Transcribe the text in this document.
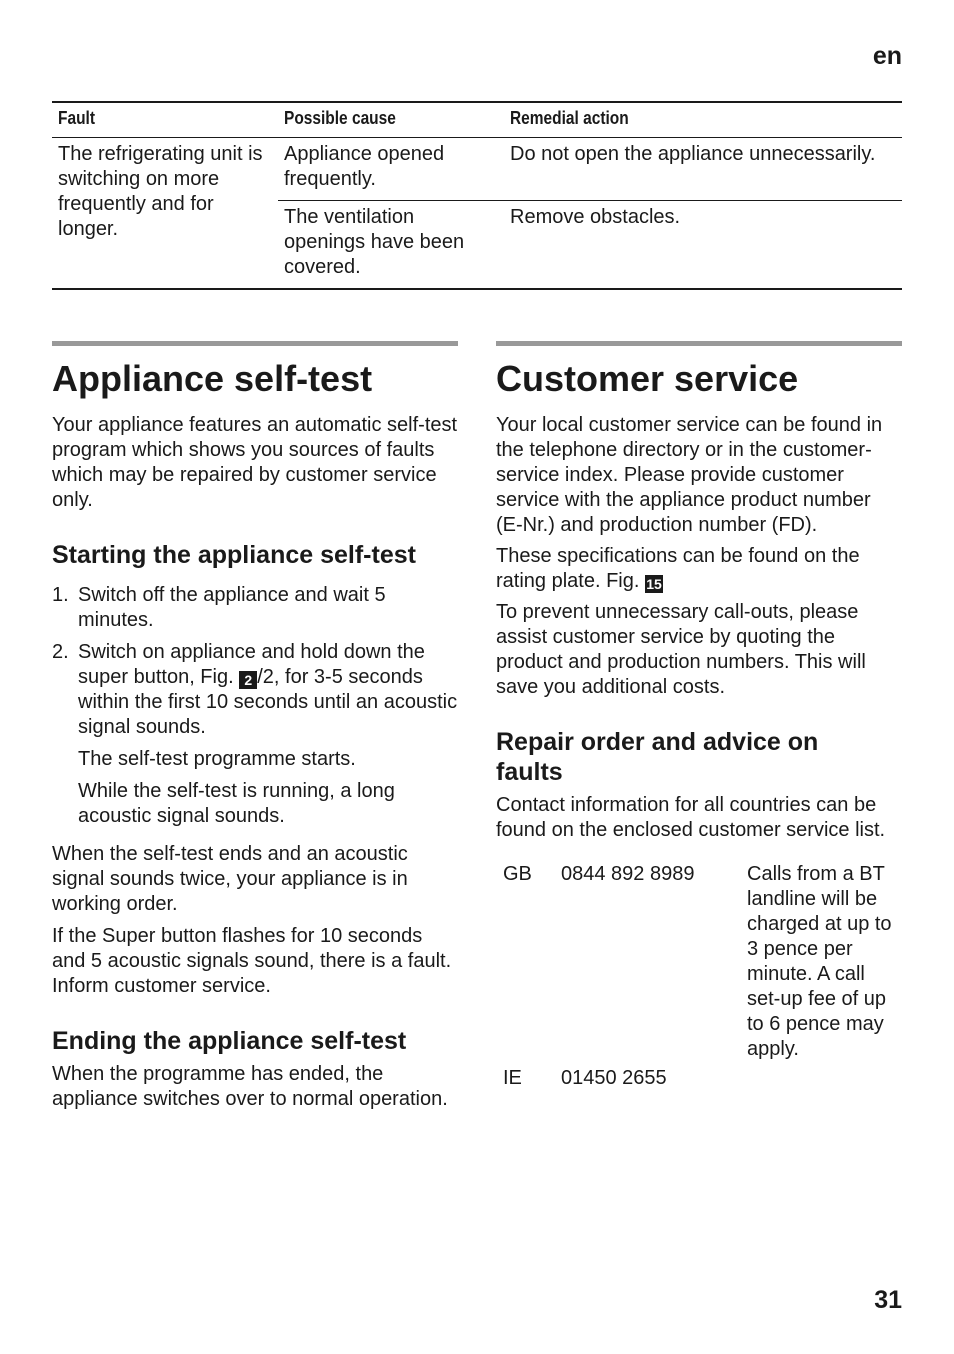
en
Fault	Possible cause	Remedial action
The refrigerating unit is switching on more frequently and for longer.	Appliance opened frequently.	Do not open the appliance unnecessarily.
	The ventilation openings have been covered.	Remove obstacles.
Appliance self-test

Your appliance features an automatic self-test program which shows you sources of faults which may be repaired by customer service only.

Starting the appliance self-test
1. Switch off the appliance and wait 5 minutes.
2. Switch on appliance and hold down the super button, Fig. 2 /2, for 3-5 seconds within the first 10 seconds until an acoustic signal sounds.

The self-test programme starts.

While the self-test is running, a long acoustic signal sounds.

When the self-test ends and an acoustic signal sounds twice, your appliance is in working order.

If the Super button flashes for 10 seconds and 5 acoustic signals sound, there is a fault. Inform customer service.

Ending the appliance self-test

When the programme has ended, the appliance switches over to normal operation.

Customer service

Your local customer service can be found in the telephone directory or in the customer-service index. Please provide customer service with the appliance product number (E-Nr.) and production number (FD).

These specifications can be found on the rating plate. Fig. 15

To prevent unnecessary call-outs, please assist customer service by quoting the product and production numbers. This will save you additional costs.

Repair order and advice on faults

Contact information for all countries can be found on the enclosed customer service list.

GB	0844 892 8989	Calls from a BT landline will be charged at up to 3 pence per minute. A call set-up fee of up to 6 pence may apply.
IE	01450 2655	
31
